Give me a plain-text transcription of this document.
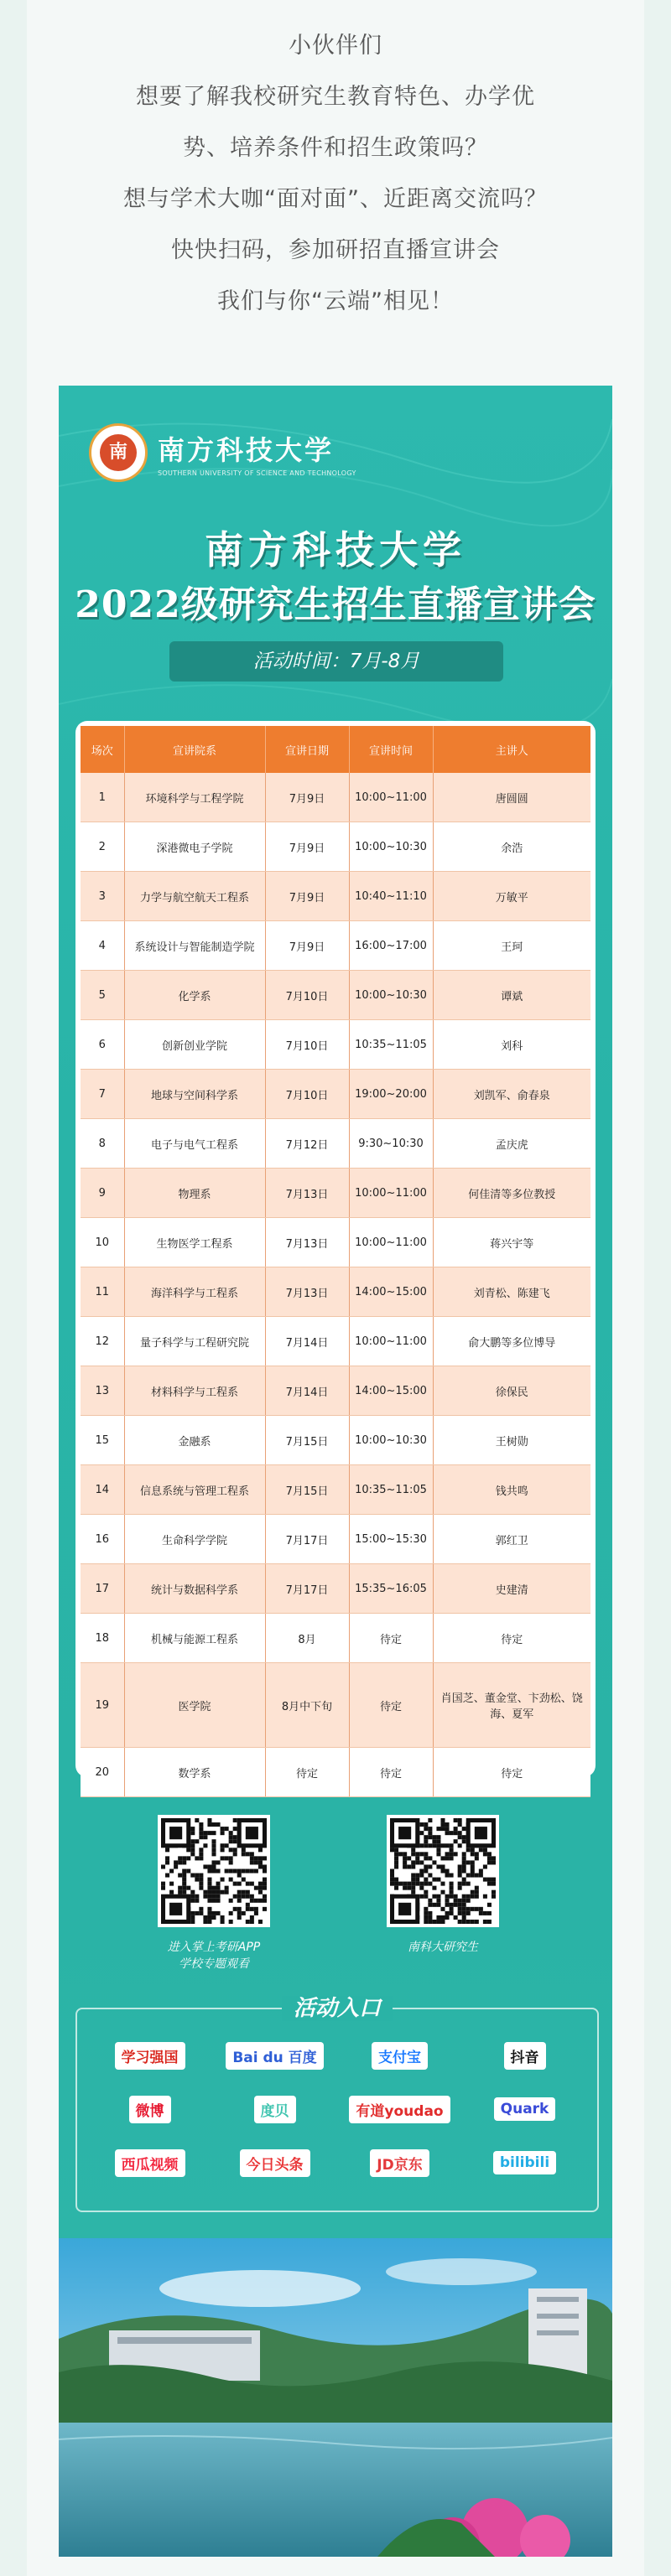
小伙伴们
想要了解我校研究生教育特色、办学优
势、培养条件和招生政策吗？
想与学术大咖“面对面”、近距离交流吗？
快快扫码，参加研招直播宣讲会
我们与你“云端”相见！
南	南方科技大学
SOUTHERN UNIVERSITY OF SCIENCE AND TECHNOLOGY
南方科技大学
2022级研究生招生直播宣讲会
活动时间：7月-8月
场次	宣讲院系	宣讲日期	宣讲时间	主讲人
1	环境科学与工程学院	7月9日	10:00~11:00	唐圆圆
2	深港微电子学院	7月9日	10:00~10:30	余浩
3	力学与航空航天工程系	7月9日	10:40~11:10	万敏平
4	系统设计与智能制造学院	7月9日	16:00~17:00	王珂
5	化学系	7月10日	10:00~10:30	谭斌
6	创新创业学院	7月10日	10:35~11:05	刘科
7	地球与空间科学系	7月10日	19:00~20:00	刘凯军、俞春泉
8	电子与电气工程系	7月12日	9:30~10:30	孟庆虎
9	物理系	7月13日	10:00~11:00	何佳清等多位教授
10	生物医学工程系	7月13日	10:00~11:00	蒋兴宇等
11	海洋科学与工程系	7月13日	14:00~15:00	刘青松、陈建飞
12	量子科学与工程研究院	7月14日	10:00~11:00	俞大鹏等多位博导
13	材料科学与工程系	7月14日	14:00~15:00	徐保民
15	金融系	7月15日	10:00~10:30	王树勋
14	信息系统与管理工程系	7月15日	10:35~11:05	钱共鸣
16	生命科学学院	7月17日	15:00~15:30	郭红卫
17	统计与数据科学系	7月17日	15:35~16:05	史建清
18	机械与能源工程系	8月	待定	待定
19	医学院	8月中下旬	待定	肖国芝、董金堂、卞劲松、饶海、夏军
20	数学系	待定	待定	待定
进入掌上考研APP
学校专题观看
南科大研究生
活动入口
学习强国	Bai du 百度	支付宝	抖音
微博	度贝	有道youdao	Quark
西瓜视频	今日头条	JD京东	bilibili
